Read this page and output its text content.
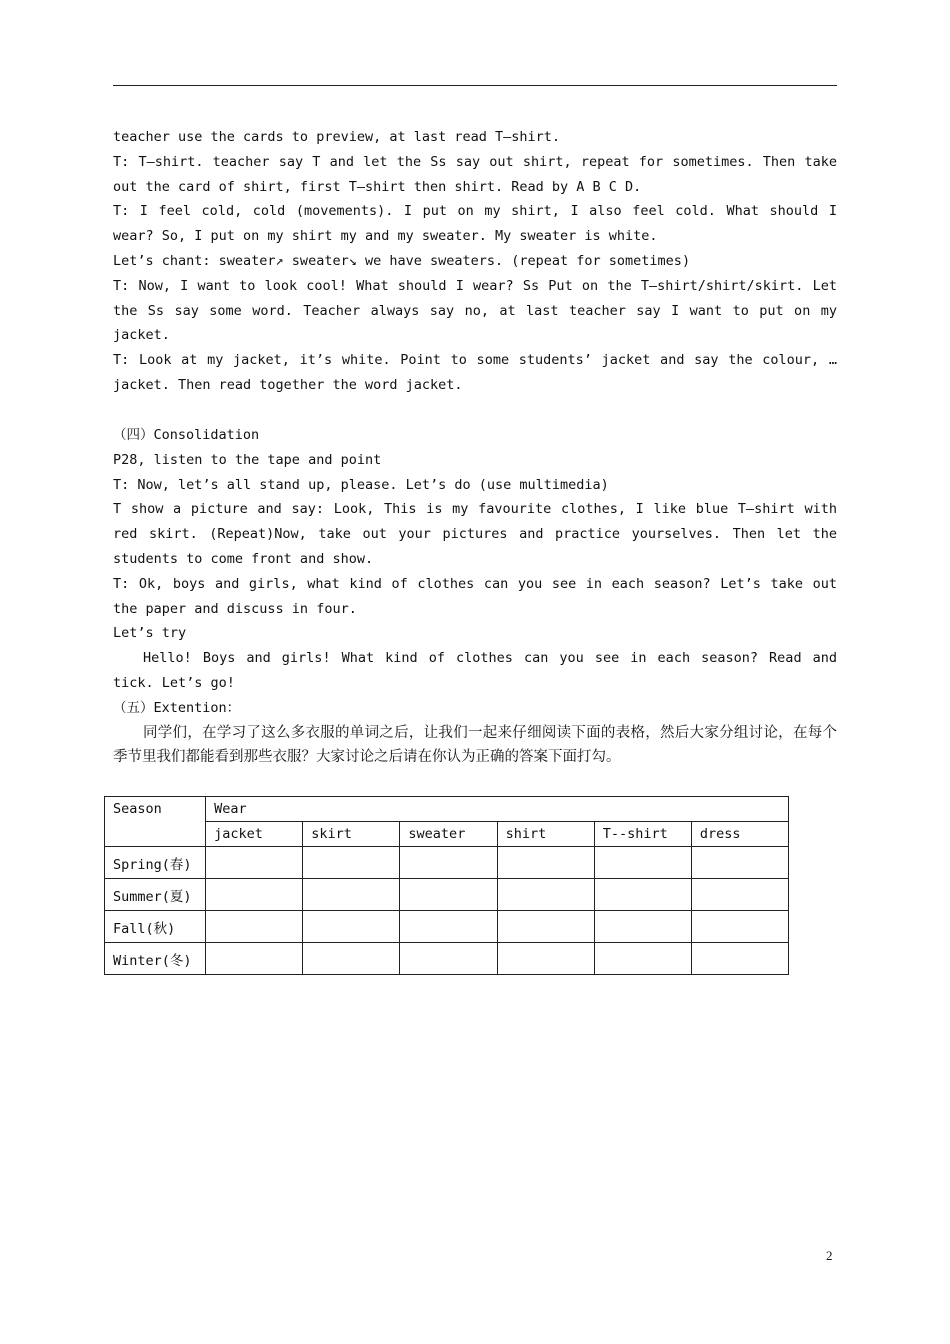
teacher use the cards to preview, at last read T—shirt.

T: T—shirt. teacher say T and let the Ss say out shirt, repeat for sometimes. Then take out the card of shirt, first T—shirt then shirt. Read by A B C D.

T: I feel cold, cold (movements). I put on my shirt, I also feel cold. What should I wear? So, I put on my shirt my and my sweater. My sweater is white.

Let’s chant: sweater↗ sweater↘ we have sweaters. (repeat for sometimes)

T: Now, I want to look cool! What should I wear? Ss Put on the T—shirt/shirt/skirt. Let the Ss say some word. Teacher always say no, at last teacher say I want to put on my jacket.

T: Look at my jacket, it’s white. Point to some students’ jacket and say the colour, …jacket. Then read together the word jacket.

（四）Consolidation

P28, listen to the tape and point

T: Now, let’s all stand up, please. Let’s do (use multimedia)

T show a picture and say: Look, This is my favourite clothes, I like blue T—shirt with red skirt. (Repeat)Now, take out your pictures and practice yourselves. Then let the students to come front and show.

T: Ok, boys and girls, what kind of clothes can you see in each season? Let’s take out the paper and discuss in four.

Let’s try

Hello! Boys and girls! What kind of clothes can you see in each season? Read and tick. Let’s go!

（五）Extention：

同学们，在学习了这么多衣服的单词之后，让我们一起来仔细阅读下面的表格，然后大家分组讨论，在每个季节里我们都能看到那些衣服？大家讨论之后请在你认为正确的答案下面打勾。

Season	Wear					
	jacket	skirt	sweater	shirt	T--shirt	dress
Spring(春)						
Summer(夏)						
Fall(秋)						
Winter(冬)						
2
